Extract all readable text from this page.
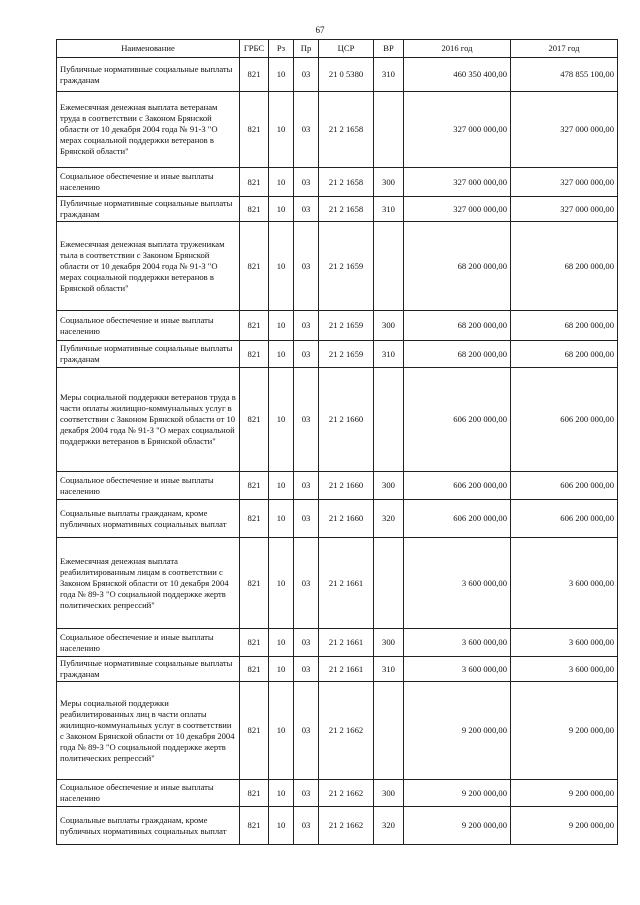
67
Наименование	ГРБС	Рз	Пр	ЦСР	ВР	2016 год	2017 год
Публичные нормативные социальные выплаты гражданам	821	10	03	21 0 5380	310	460 350 400,00	478 855 100,00
Ежемесячная денежная выплата ветеранам труда в соответствии с Законом Брянской области от 10 декабря 2004 года № 91-З "О мерах социальной поддержки ветеранов в Брянской области"	821	10	03	21 2 1658		327 000 000,00	327 000 000,00
Социальное обеспечение и иные выплаты населению	821	10	03	21 2 1658	300	327 000 000,00	327 000 000,00
Публичные нормативные социальные выплаты гражданам	821	10	03	21 2 1658	310	327 000 000,00	327 000 000,00
Ежемесячная денежная выплата труженикам тыла в соответствии с Законом Брянской области от 10 декабря 2004 года № 91-З "О мерах социальной поддержки ветеранов в Брянской области"	821	10	03	21 2 1659		68 200 000,00	68 200 000,00
Социальное обеспечение и иные выплаты населению	821	10	03	21 2 1659	300	68 200 000,00	68 200 000,00
Публичные нормативные социальные выплаты гражданам	821	10	03	21 2 1659	310	68 200 000,00	68 200 000,00
Меры социальной поддержки ветеранов труда в части оплаты жилищно-коммунальных услуг в соответствии с Законом Брянской области от 10 декабря 2004 года № 91-З "О мерах социальной поддержки ветеранов в Брянской области"	821	10	03	21 2 1660		606 200 000,00	606 200 000,00
Социальное обеспечение и иные выплаты населению	821	10	03	21 2 1660	300	606 200 000,00	606 200 000,00
Социальные выплаты гражданам, кроме публичных нормативных социальных выплат	821	10	03	21 2 1660	320	606 200 000,00	606 200 000,00
Ежемесячная денежная выплата реабилитированным лицам в соответствии с Законом Брянской области от 10 декабря 2004 года № 89-З "О социальной поддержке жертв политических репрессий"	821	10	03	21 2 1661		3 600 000,00	3 600 000,00
Социальное обеспечение и иные выплаты населению	821	10	03	21 2 1661	300	3 600 000,00	3 600 000,00
Публичные нормативные социальные выплаты гражданам	821	10	03	21 2 1661	310	3 600 000,00	3 600 000,00
Меры социальной поддержки реабилитированных лиц в части оплаты жилищно-коммунальных услуг в соответствии с Законом Брянской области от 10 декабря 2004 года № 89-З "О социальной поддержке жертв политических репрессий"	821	10	03	21 2 1662		9 200 000,00	9 200 000,00
Социальное обеспечение и иные выплаты населению	821	10	03	21 2 1662	300	9 200 000,00	9 200 000,00
Социальные выплаты гражданам, кроме публичных нормативных социальных выплат	821	10	03	21 2 1662	320	9 200 000,00	9 200 000,00
